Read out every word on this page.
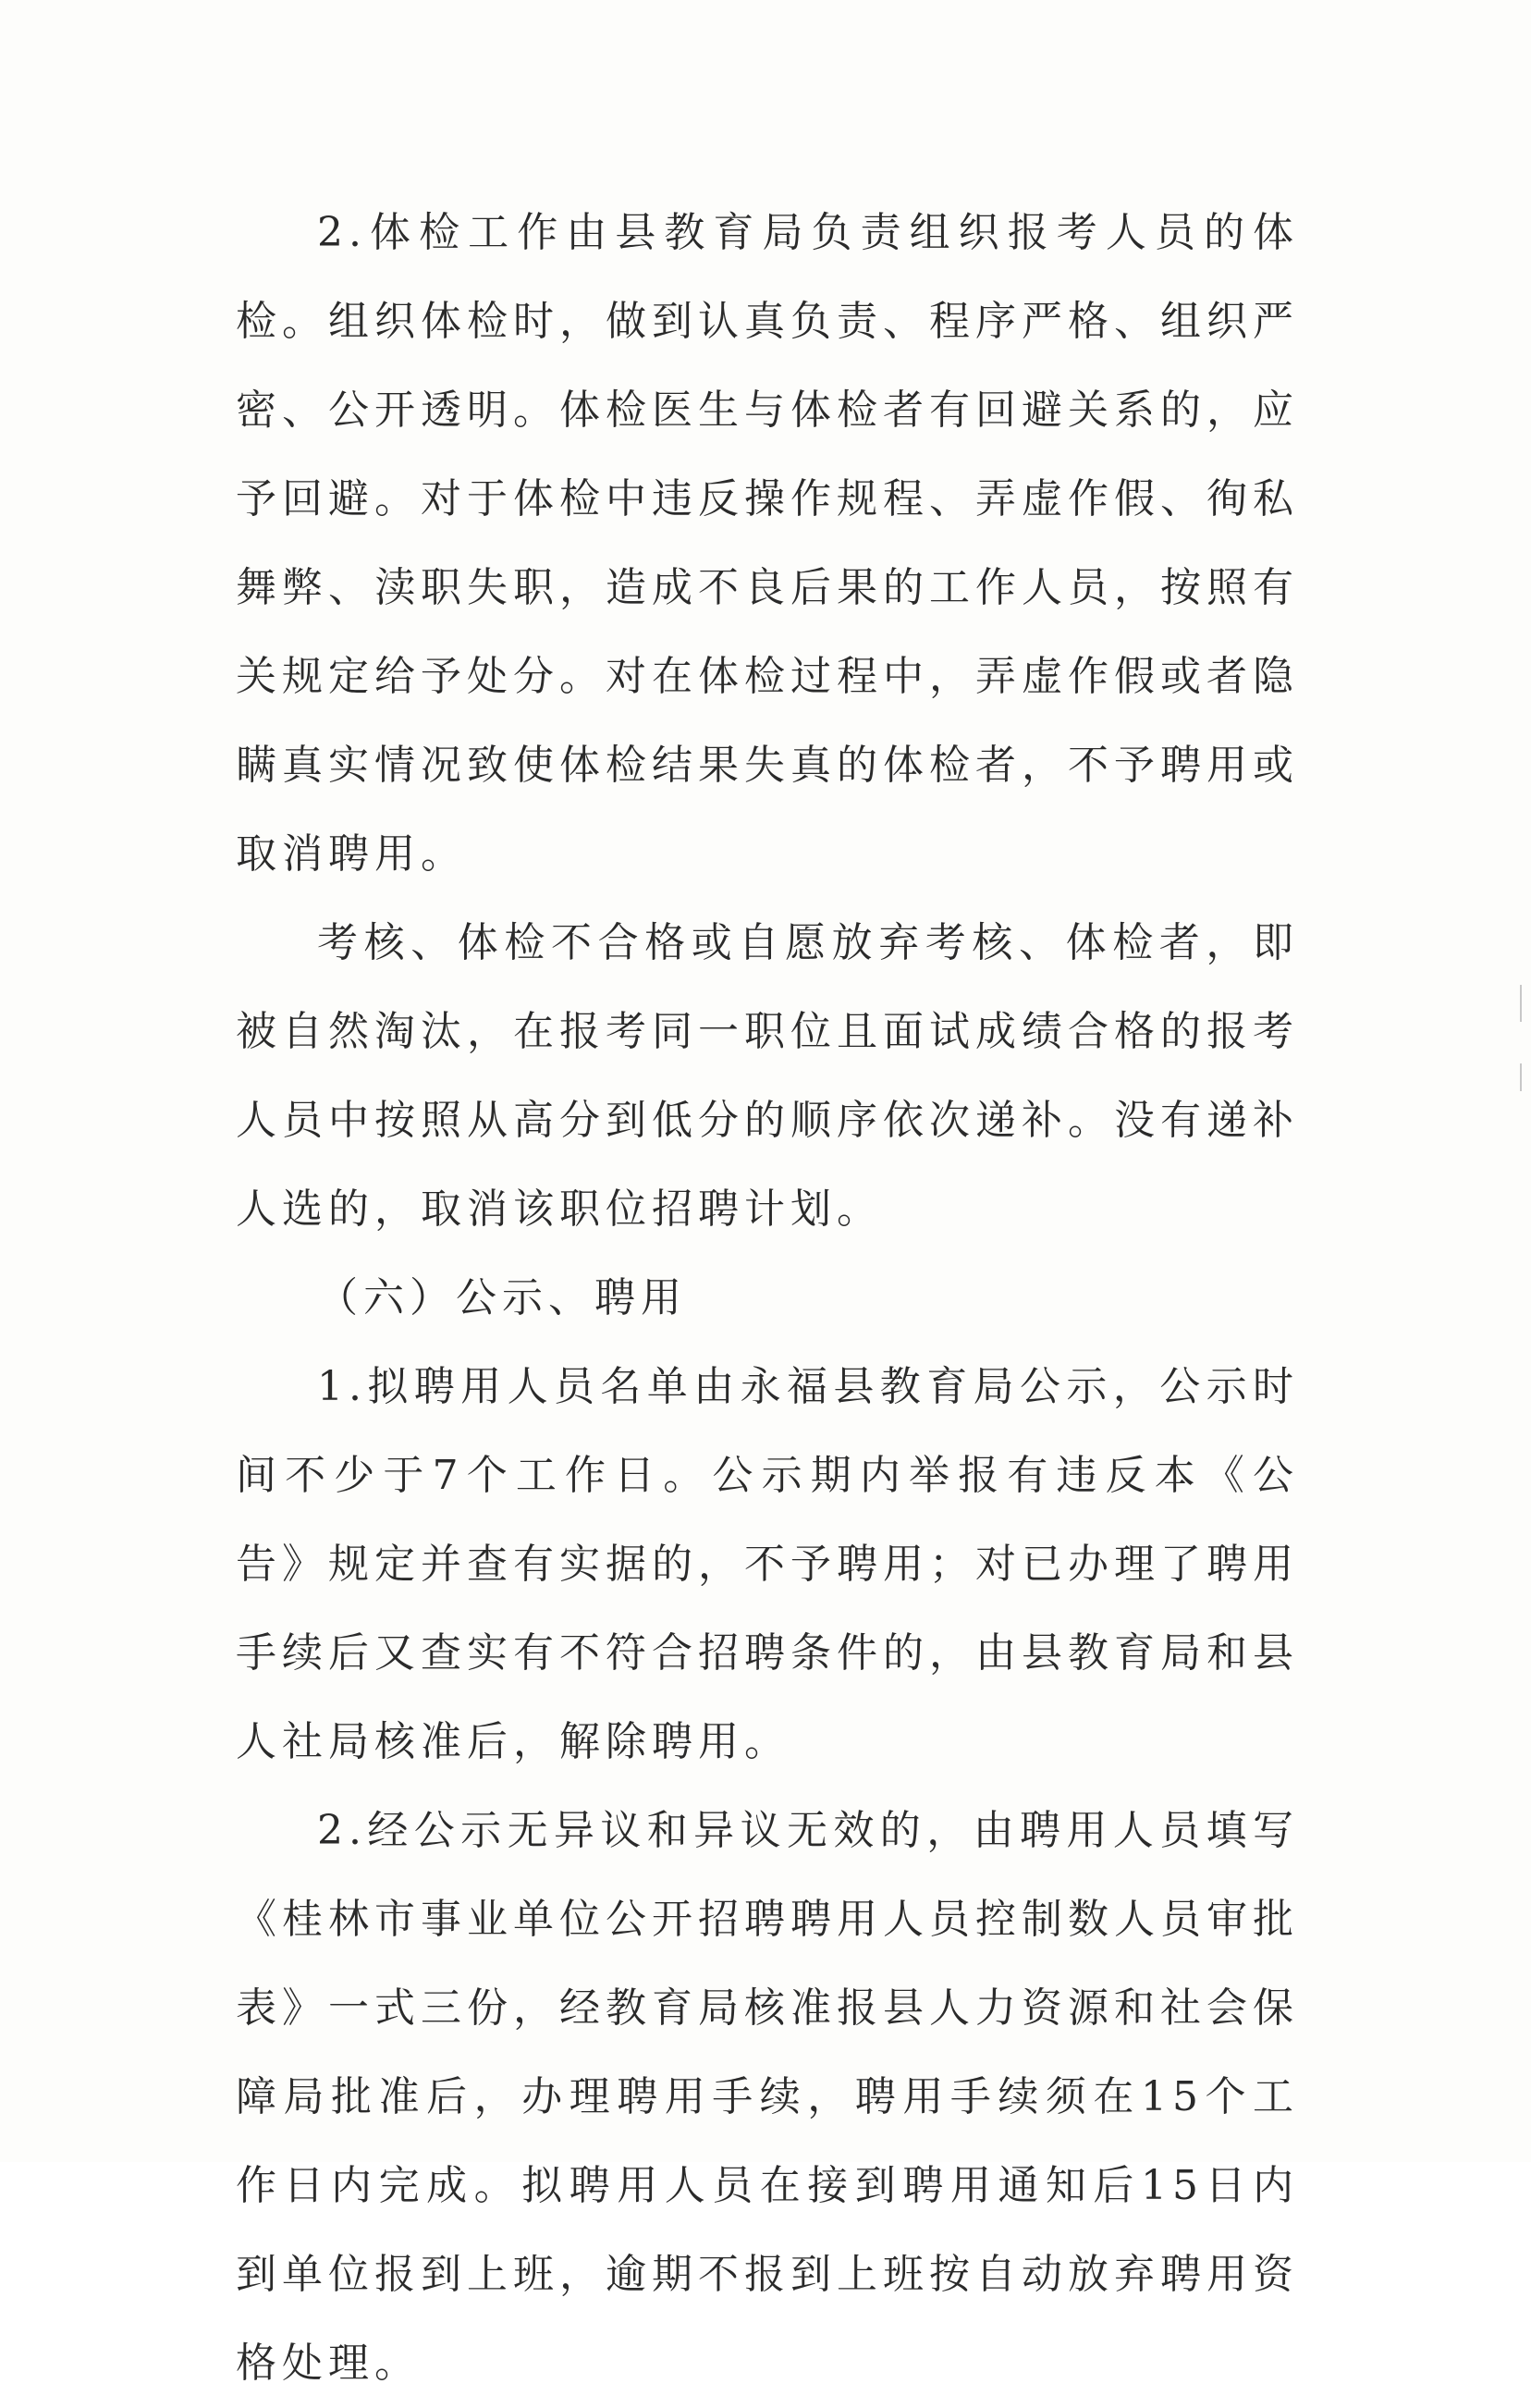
2.体检工作由县教育局负责组织报考人员的体检。组织体检时，做到认真负责、程序严格、组织严密、公开透明。体检医生与体检者有回避关系的，应予回避。对于体检中违反操作规程、弄虚作假、徇私舞弊、渎职失职，造成不良后果的工作人员，按照有关规定给予处分。对在体检过程中，弄虚作假或者隐瞒真实情况致使体检结果失真的体检者，不予聘用或取消聘用。

考核、体检不合格或自愿放弃考核、体检者，即被自然淘汰，在报考同一职位且面试成绩合格的报考人员中按照从高分到低分的顺序依次递补。没有递补人选的，取消该职位招聘计划。

（六）公示、聘用

1.拟聘用人员名单由永福县教育局公示，公示时间不少于7个工作日。公示期内举报有违反本《公告》规定并查有实据的，不予聘用；对已办理了聘用手续后又查实有不符合招聘条件的，由县教育局和县人社局核准后，解除聘用。

2.经公示无异议和异议无效的，由聘用人员填写《桂林市事业单位公开招聘聘用人员控制数人员审批表》一式三份，经教育局核准报县人力资源和社会保障局批准后，办理聘用手续，聘用手续须在15个工作日内完成。拟聘用人员在接到聘用通知后15日内到单位报到上班，逾期不报到上班按自动放弃聘用资格处理。
